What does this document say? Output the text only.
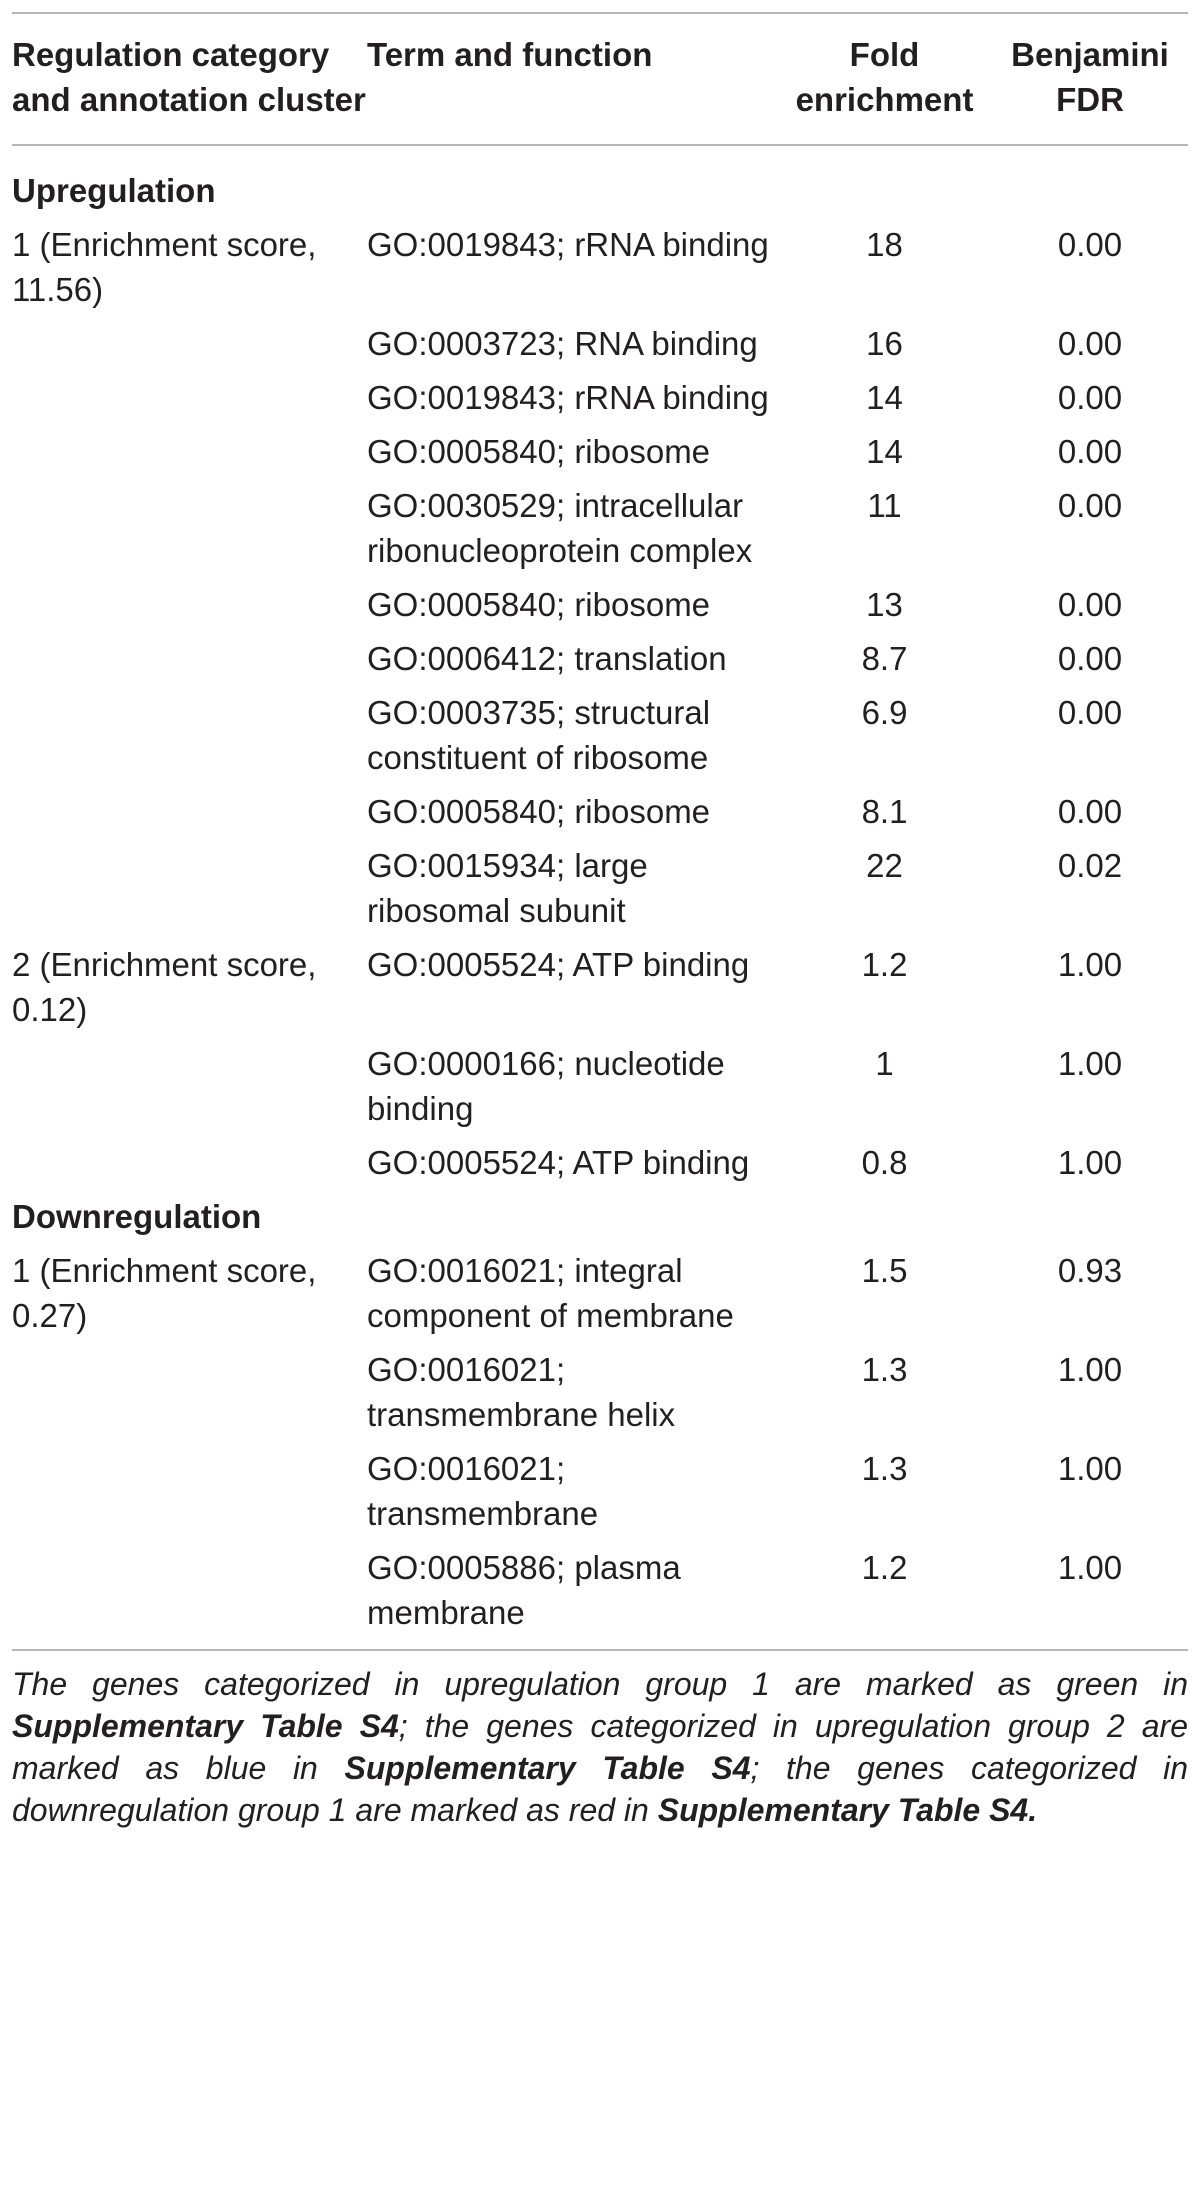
Regulation category and annotation cluster	Term and function	Fold enrichment	Benjamini FDR
Upregulation			
1 (Enrichment score, 11.56)	GO:0019843; rRNA binding	18	0.00
	GO:0003723; RNA binding	16	0.00
	GO:0019843; rRNA binding	14	0.00
	GO:0005840; ribosome	14	0.00
	GO:0030529; intracellular ribonucleoprotein complex	11	0.00
	GO:0005840; ribosome	13	0.00
	GO:0006412; translation	8.7	0.00
	GO:0003735; structural constituent of ribosome	6.9	0.00
	GO:0005840; ribosome	8.1	0.00
	GO:0015934; large ribosomal subunit	22	0.02
2 (Enrichment score, 0.12)	GO:0005524; ATP binding	1.2	1.00
	GO:0000166; nucleotide binding	1	1.00
	GO:0005524; ATP binding	0.8	1.00
Downregulation			
1 (Enrichment score, 0.27)	GO:0016021; integral component of membrane	1.5	0.93
	GO:0016021; transmembrane helix	1.3	1.00
	GO:0016021; transmembrane	1.3	1.00
	GO:0005886; plasma membrane	1.2	1.00
The genes categorized in upregulation group 1 are marked as green in Supplementary Table S4; the genes categorized in upregulation group 2 are marked as blue in Supplementary Table S4; the genes categorized in downregulation group 1 are marked as red in Supplementary Table S4.			
